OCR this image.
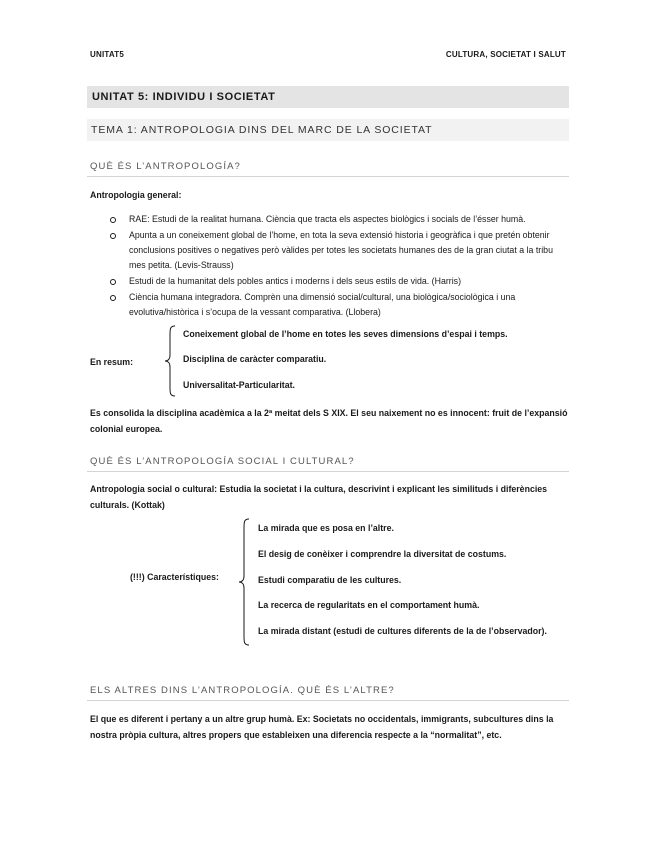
UNITAT5	CULTURA, SOCIETAT I SALUT
UNITAT 5: INDIVIDU I SOCIETAT
TEMA 1: ANTROPOLOGIA DINS DEL MARC DE LA SOCIETAT
QUÈ ÉS L’ANTROPOLOGÍA?
Antropologia general:
RAE: Estudi de la realitat humana. Ciència que tracta els aspectes biològics i socials de l’ésser humà.
Apunta a un coneixement global de l’home, en tota la seva extensió historia i geogràfica i que pretén obtenir conclusions positives o negatives però vàlides per totes les societats humanes des de la gran ciutat a la tribu mes petita. (Levis-Strauss)
Estudi de la humanitat dels pobles antics i moderns i dels seus estils de vida. (Harris)
Ciència humana integradora. Comprèn una dimensió social/cultural, una biològica/sociològica i una evolutiva/històrica i s’ocupa de la vessant comparativa. (Llobera)
En resum:
Coneixement global de l’home en totes les seves dimensions d’espai i temps.
Disciplina de caràcter comparatiu.
Universalitat-Particularitat.
Es consolida la disciplina acadèmica a la 2ª meitat dels S XIX. El seu naixement no es innocent: fruit de l’expansió colonial europea.
QUÈ ÉS L’ANTROPOLOGÍA SOCIAL I CULTURAL?
Antropologia social o cultural: Estudia la societat i la cultura, descrivint i explicant les similituds i diferències culturals. (Kottak)
(!!!) Característiques:
La mirada que es posa en l’altre.
El desig de conèixer i comprendre la diversitat de costums.
Estudi comparatiu de les cultures.
La recerca de regularitats en el comportament humà.
La mirada distant (estudi de cultures diferents de la de l’observador).
ELS ALTRES DINS L’ANTROPOLOGÍA. QUÈ ÉS L’ALTRE?
El que es diferent i pertany a un altre grup humà. Ex: Societats no occidentals, immigrants, subcultures dins la nostra pròpia cultura, altres propers que estableixen una diferencia respecte a la “normalitat”, etc.
